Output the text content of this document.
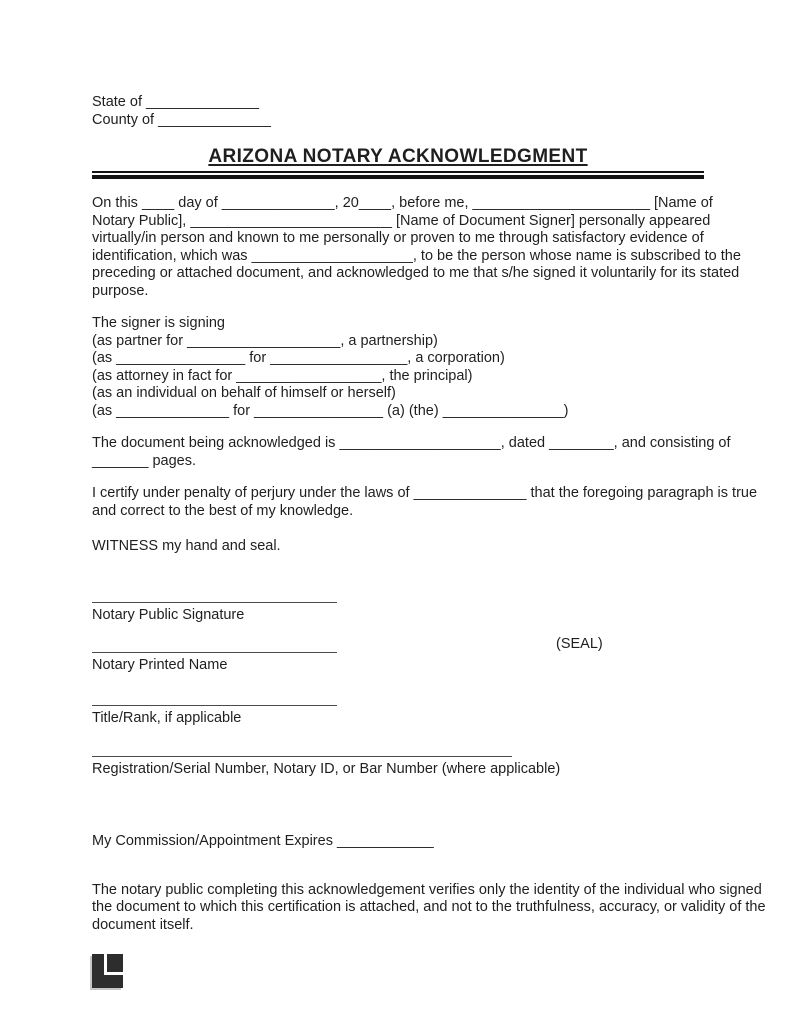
State of ______________
County of ______________
ARIZONA NOTARY ACKNOWLEDGMENT
On this ____ day of ______________, 20____, before me, ______________________ [Name of
Notary Public], _________________________ [Name of Document Signer] personally appeared
virtually/in person and known to me personally or proven to me through satisfactory evidence of
identification, which was ____________________, to be the person whose name is subscribed to the
preceding or attached document, and acknowledged to me that s/he signed it voluntarily for its stated
purpose.
The signer is signing
(as partner for ___________________, a partnership)
(as ________________ for _________________, a corporation)
(as attorney in fact for __________________, the principal)
(as an individual on behalf of himself or herself)
(as ______________ for ________________ (a) (the) _______________)
The document being acknowledged is ____________________, dated ________, and consisting of
_______ pages.
I certify under penalty of perjury under the laws of ______________ that the foregoing paragraph is true
and correct to the best of my knowledge.
WITNESS my hand and seal.
Notary Public Signature
Notary Printed Name
(SEAL)
Title/Rank, if applicable
Registration/Serial Number, Notary ID, or Bar Number (where applicable)
My Commission/Appointment Expires ____________
The notary public completing this acknowledgement verifies only the identity of the individual who signed
the document to which this certification is attached, and not to the truthfulness, accuracy, or validity of the
document itself.
